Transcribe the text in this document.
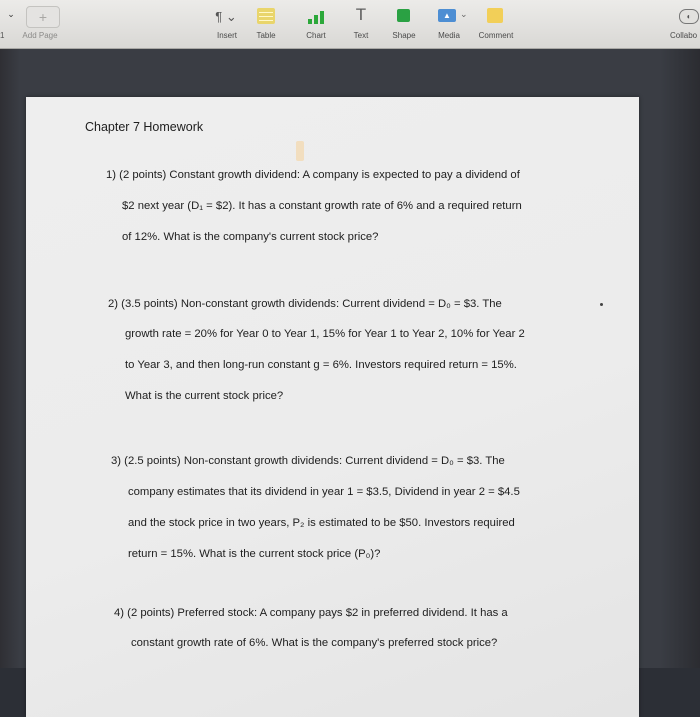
⌄
1
+
Add Page
¶ ⌄
Insert Table	Chart
T
Text	Shape
▲	⌄
Media Comment
◐
Collabo
Chapter 7 Homework
1) (2 points) Constant growth dividend: A company is expected to pay a dividend of
$2 next year (D₁ = $2). It has a constant growth rate of 6% and a required return
of 12%. What is the company's current stock price?
2) (3.5 points) Non-constant growth dividends: Current dividend = D₀ = $3. The
growth rate = 20% for Year 0 to Year 1, 15% for Year 1 to Year 2, 10% for Year 2
to Year 3, and then long-run constant g = 6%. Investors required return = 15%.
What is the current stock price?
3) (2.5 points) Non-constant growth dividends: Current dividend = D₀ = $3. The
company estimates that its dividend in year 1 = $3.5, Dividend in year 2 = $4.5
and the stock price in two years, P₂ is estimated to be $50. Investors required
return = 15%. What is the current stock price (P₀)?
4) (2 points) Preferred stock: A company pays $2 in preferred dividend. It has a
constant growth rate of 6%. What is the company's preferred stock price?
